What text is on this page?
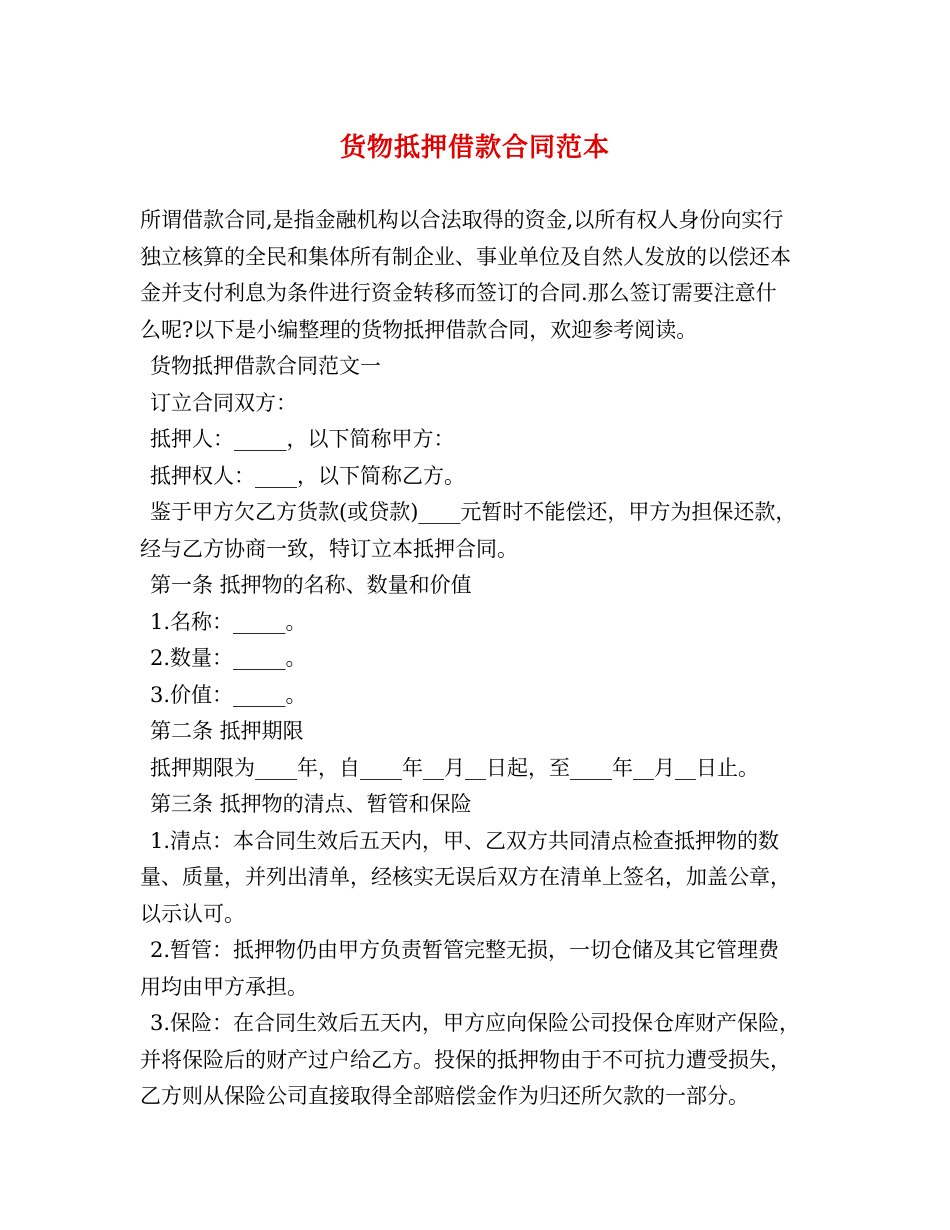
货物抵押借款合同范本
所谓借款合同,是指金融机构以合法取得的资金,以所有权人身份向实行
独立核算的全民和集体所有制企业、事业单位及自然人发放的以偿还本
金并支付利息为条件进行资金转移而签订的合同.那么签订需要注意什
么呢?以下是小编整理的货物抵押借款合同，欢迎参考阅读。
货物抵押借款合同范文一
订立合同双方：
抵押人：_____，以下简称甲方：
抵押权人：____，以下简称乙方。
鉴于甲方欠乙方货款(或贷款)____元暂时不能偿还，甲方为担保还款，
经与乙方协商一致，特订立本抵押合同。
第一条 抵押物的名称、数量和价值
1.名称：_____。
2.数量：_____。
3.价值：_____。
第二条 抵押期限
抵押期限为____年，自____年__月__日起，至____年__月__日止。
第三条 抵押物的清点、暂管和保险
1.清点：本合同生效后五天内，甲、乙双方共同清点检查抵押物的数
量、质量，并列出清单，经核实无误后双方在清单上签名，加盖公章，
以示认可。
2.暂管：抵押物仍由甲方负责暂管完整无损，一切仓储及其它管理费
用均由甲方承担。
3.保险：在合同生效后五天内，甲方应向保险公司投保仓库财产保险，
并将保险后的财产过户给乙方。投保的抵押物由于不可抗力遭受损失，
乙方则从保险公司直接取得全部赔偿金作为归还所欠款的一部分。
